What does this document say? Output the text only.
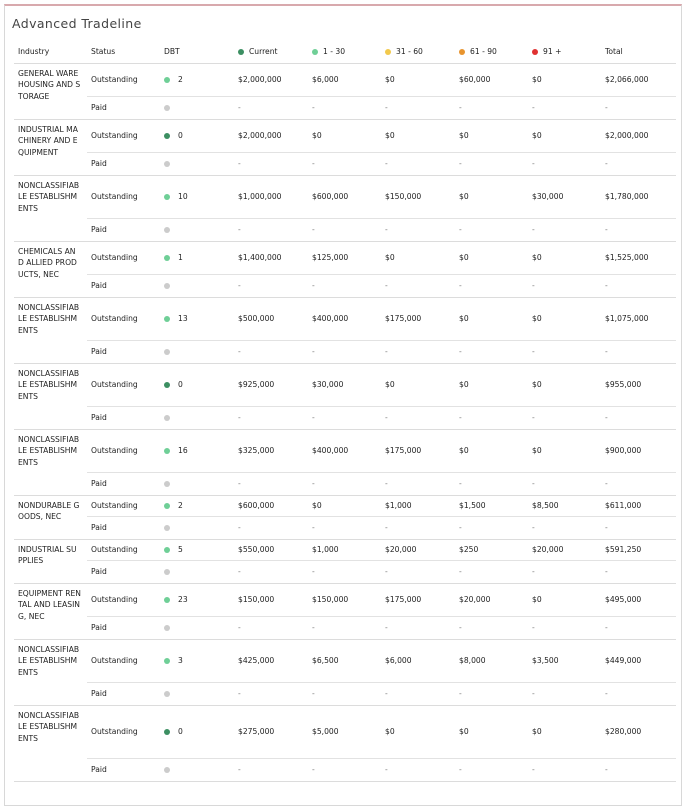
Advanced Tradeline
Industry	Status	DBT	Current	1 - 30	31 - 60	61 - 90	91 +	Total
GENERAL WAREHOUSING AND STORAGE	Outstanding	2	$2,000,000	$6,000	$0	$60,000	$0	$2,066,000
	Paid		-	-	-	-	-	-
INDUSTRIAL MACHINERY AND EQUIPMENT	Outstanding	0	$2,000,000	$0	$0	$0	$0	$2,000,000
	Paid		-	-	-	-	-	-
NONCLASSIFIABLE ESTABLISHMENTS	Outstanding	10	$1,000,000	$600,000	$150,000	$0	$30,000	$1,780,000
	Paid		-	-	-	-	-	-
CHEMICALS AND ALLIED PRODUCTS, NEC	Outstanding	1	$1,400,000	$125,000	$0	$0	$0	$1,525,000
	Paid		-	-	-	-	-	-
NONCLASSIFIABLE ESTABLISHMENTS	Outstanding	13	$500,000	$400,000	$175,000	$0	$0	$1,075,000
	Paid		-	-	-	-	-	-
NONCLASSIFIABLE ESTABLISHMENTS	Outstanding	0	$925,000	$30,000	$0	$0	$0	$955,000
	Paid		-	-	-	-	-	-
NONCLASSIFIABLE ESTABLISHMENTS	Outstanding	16	$325,000	$400,000	$175,000	$0	$0	$900,000
	Paid		-	-	-	-	-	-
NONDURABLE GOODS, NEC	Outstanding	2	$600,000	$0	$1,000	$1,500	$8,500	$611,000
	Paid		-	-	-	-	-	-
INDUSTRIAL SUPPLIES	Outstanding	5	$550,000	$1,000	$20,000	$250	$20,000	$591,250
	Paid		-	-	-	-	-	-
EQUIPMENT RENTAL AND LEASING, NEC	Outstanding	23	$150,000	$150,000	$175,000	$20,000	$0	$495,000
	Paid		-	-	-	-	-	-
NONCLASSIFIABLE ESTABLISHMENTS	Outstanding	3	$425,000	$6,500	$6,000	$8,000	$3,500	$449,000
	Paid		-	-	-	-	-	-
NONCLASSIFIABLE ESTABLISHMENTS	Outstanding	0	$275,000	$5,000	$0	$0	$0	$280,000
	Paid		-	-	-	-	-	-
